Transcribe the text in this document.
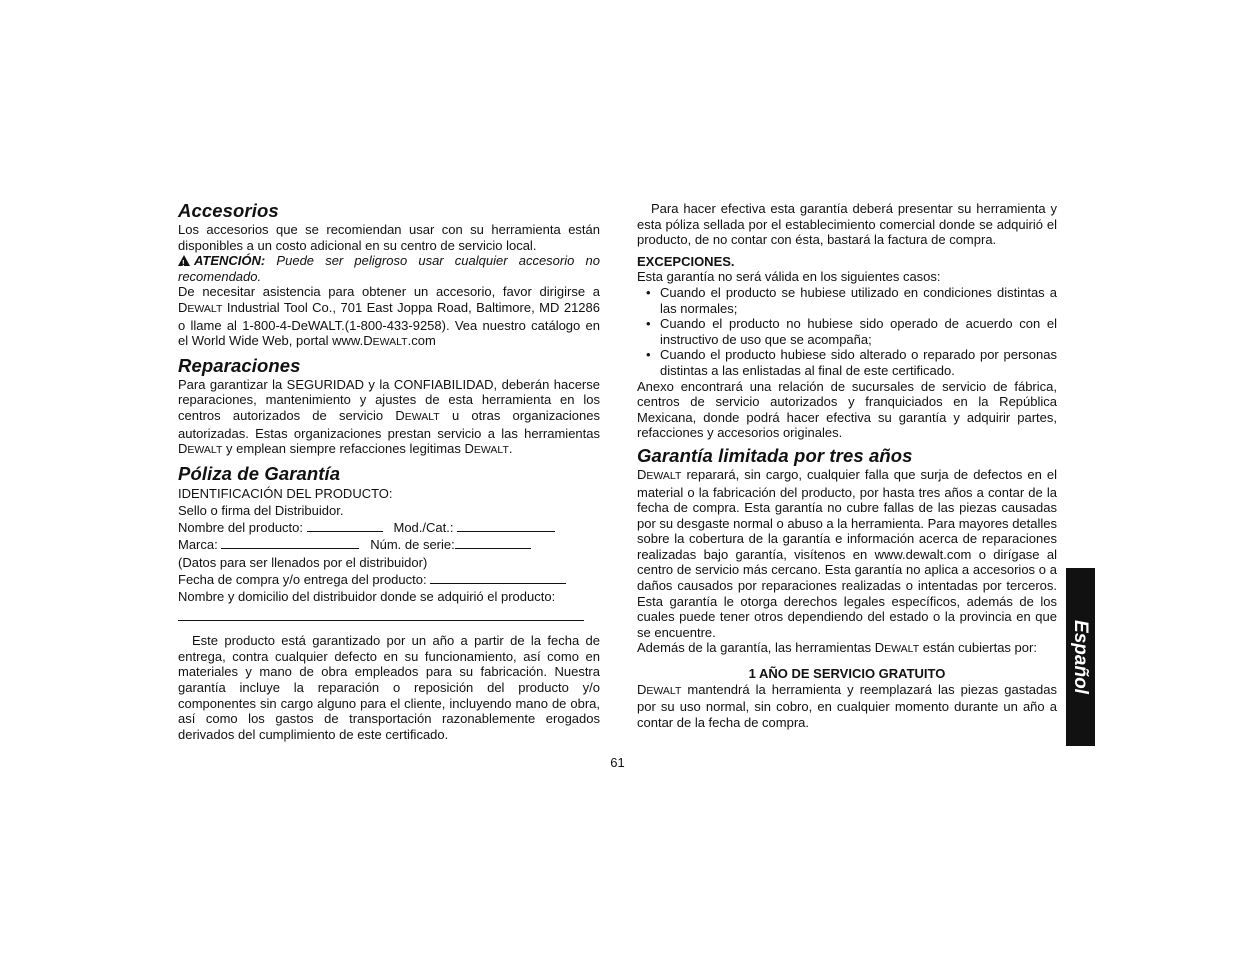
Accesorios

Los accesorios que se recomiendan usar con su herramienta están disponibles a un costo adicional en su centro de servicio local.

!ATENCIÓN: Puede ser peligroso usar cualquier accesorio no recomendado.

De necesitar asistencia para obtener un accesorio, favor dirigirse a DEWALT Industrial Tool Co., 701 East Joppa Road, Baltimore, MD 21286 o llame al 1-800-4-DeWALT.(1-800-433-9258). Vea nuestro catálogo en el World Wide Web, portal www.DEWALT.com

Reparaciones

Para garantizar la SEGURIDAD y la CONFIABILIDAD, deberán hacerse reparaciones, mantenimiento y ajustes de esta herramienta en los centros autorizados de servicio DEWALT u otras organizaciones autorizadas. Estas organizaciones prestan servicio a las herramientas DEWALT y emplean siempre refacciones legitimas DEWALT.

Póliza de Garantía
IDENTIFICACIÓN DEL PRODUCTO:
Sello o firma del Distribuidor.
Nombre del producto:	Mod./Cat.:
Marca:	Núm. de serie:
(Datos para ser llenados por el distribuidor)
Fecha de compra y/o entrega del producto:
Nombre y domicilio del distribuidor donde se adquirió el producto:

Este producto está garantizado por un año a partir de la fecha de entrega, contra cualquier defecto en su funcionamiento, así como en materiales y mano de obra empleados para su fabricación. Nuestra garantía incluye la reparación o reposición del producto y/o componentes sin cargo alguno para el cliente, incluyendo mano de obra, así como los gastos de transportación razonablemente erogados derivados del cumplimiento de este certificado.

Para hacer efectiva esta garantía deberá presentar su herramienta y esta póliza sellada por el establecimiento comercial donde se adquirió el producto, de no contar con ésta, bastará la factura de compra.

EXCEPCIONES.

Esta garantía no será válida en los siguientes casos:

• Cuando el producto se hubiese utilizado en condiciones distintas a las normales;
• Cuando el producto no hubiese sido operado de acuerdo con el instructivo de uso que se acompaña;
• Cuando el producto hubiese sido alterado o reparado por personas distintas a las enlistadas al final de este certificado.

Anexo encontrará una relación de sucursales de servicio de fábrica, centros de servicio autorizados y franquiciados en la República Mexicana, donde podrá hacer efectiva su garantía y adquirir partes, refacciones y accesorios originales.

Garantía limitada por tres años

DEWALT reparará, sin cargo, cualquier falla que surja de defectos en el material o la fabricación del producto, por hasta tres años a contar de la fecha de compra. Esta garantía no cubre fallas de las piezas causadas por su desgaste normal o abuso a la herramienta. Para mayores detalles sobre la cobertura de la garantía e información acerca de reparaciones realizadas bajo garantía, visítenos en www.dewalt.com o dirígase al centro de servicio más cercano. Esta garantía no aplica a accesorios o a daños causados por reparaciones realizadas o intentadas por terceros. Esta garantía le otorga derechos legales específicos, además de los cuales puede tener otros dependiendo del estado o la provincia en que se encuentre.

Además de la garantía, las herramientas DEWALT están cubiertas por:

1 AÑO DE SERVICIO GRATUITO

DEWALT mantendrá la herramienta y reemplazará las piezas gastadas por su uso normal, sin cobro, en cualquier momento durante un año a contar de la fecha de compra.

61
Español
